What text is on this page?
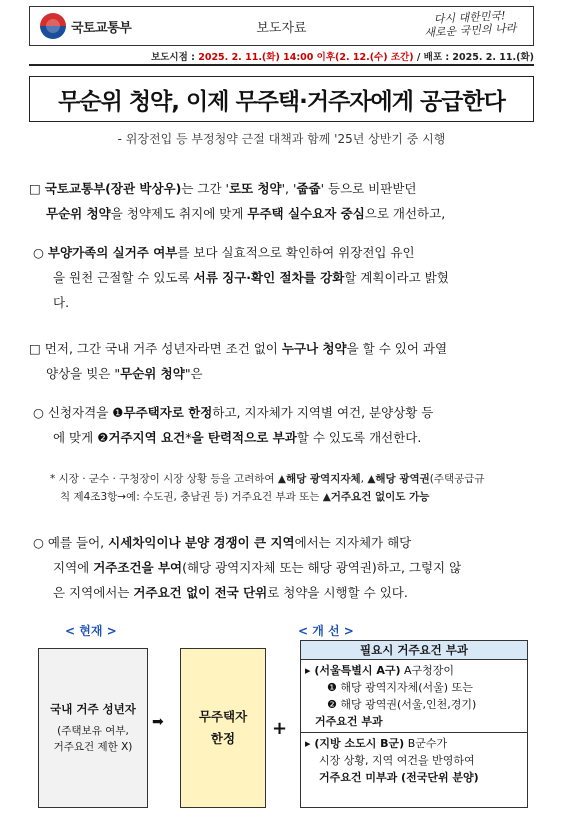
국토교통부	보도자료
다시 대한민국!
새로운 국민의 나라
보도시점 : 2025. 2. 11.(화) 14:00 이후(2. 12.(수) 조간) / 배포 : 2025. 2. 11.(화)
무순위 청약, 이제 무주택·거주자에게 공급한다
- 위장전입 등 부정청약 근절 대책과 함께 '25년 상반기 중 시행
□ 국토교통부(장관 박상우)는 그간 '로또 청약', '줍줍' 등으로 비판받던
무순위 청약을 청약제도 취지에 맞게 무주택 실수요자 중심으로 개선하고,
○ 부양가족의 실거주 여부를 보다 실효적으로 확인하여 위장전입 유인
을 원천 근절할 수 있도록 서류 징구·확인 절차를 강화할 계획이라고 밝혔
다.
□ 먼저, 그간 국내 거주 성년자라면 조건 없이 누구나 청약을 할 수 있어 과열
양상을 빚은 "무순위 청약"은
○ 신청자격을 ❶무주택자로 한정하고, 지자체가 지역별 여건, 분양상황 등
에 맞게 ❷거주지역 요건*을 탄력적으로 부과할 수 있도록 개선한다.
* 시장 · 군수 · 구청장이 시장 상황 등을 고려하여 ▲해당 광역지자체, ▲해당 광역권(주택공급규
칙 제4조3항→예: 수도권, 충남권 등) 거주요건 부과 또는 ▲거주요건 없이도 가능
○ 예를 들어, 시세차익이나 분양 경쟁이 큰 지역에서는 지자체가 해당
지역에 거주조건을 부여(해당 광역지자체 또는 해당 광역권)하고, 그렇지 않
은 지역에서는 거주요건 없이 전국 단위로 청약을 시행할 수 있다.
< 현재 >	< 개 선 >
국내 거주 성년자
(주택보유 여부,
거주요건 제한 X)
➡	무주택자
한정 +
필요시 거주요건 부과
▸ (서울특별시 A구) A구청장이
❶ 해당 광역지자체(서울) 또는
❷ 해당 광역권(서울,인천,경기)
거주요건 부과
▸ (지방 소도시 B군) B군수가
시장 상황, 지역 여건을 반영하여
거주요건 미부과 (전국단위 분양)
